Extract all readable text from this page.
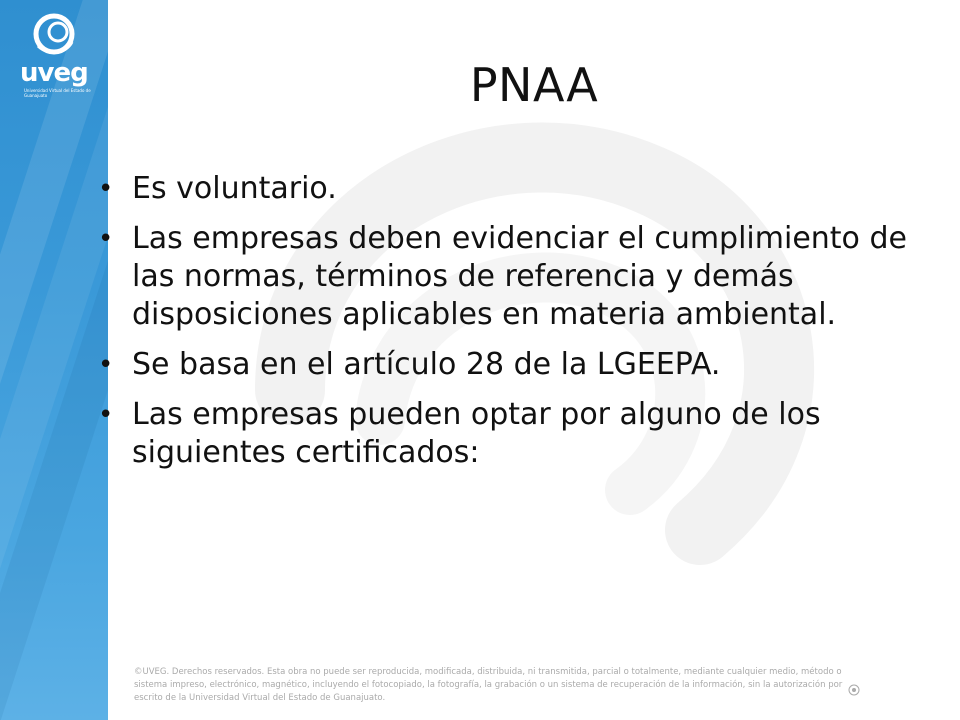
uveg
Universidad Virtual del Estado de Guanajuato	PNAA
• Es voluntario.
• Las empresas deben evidenciar el cumplimiento de las normas, términos de referencia y demás disposiciones aplicables en materia ambiental.
• Se basa en el artículo 28 de la LGEEPA.
• Las empresas pueden optar por alguno de los siguientes certificados:
©UVEG. Derechos reservados. Esta obra no puede ser reproducida, modificada, distribuida, ni transmitida, parcial o totalmente, mediante cualquier medio, método o sistema impreso, electrónico, magnético, incluyendo el fotocopiado, la fotografía, la grabación o un sistema de recuperación de la información, sin la autorización por escrito de la Universidad Virtual del Estado de Guanajuato.
